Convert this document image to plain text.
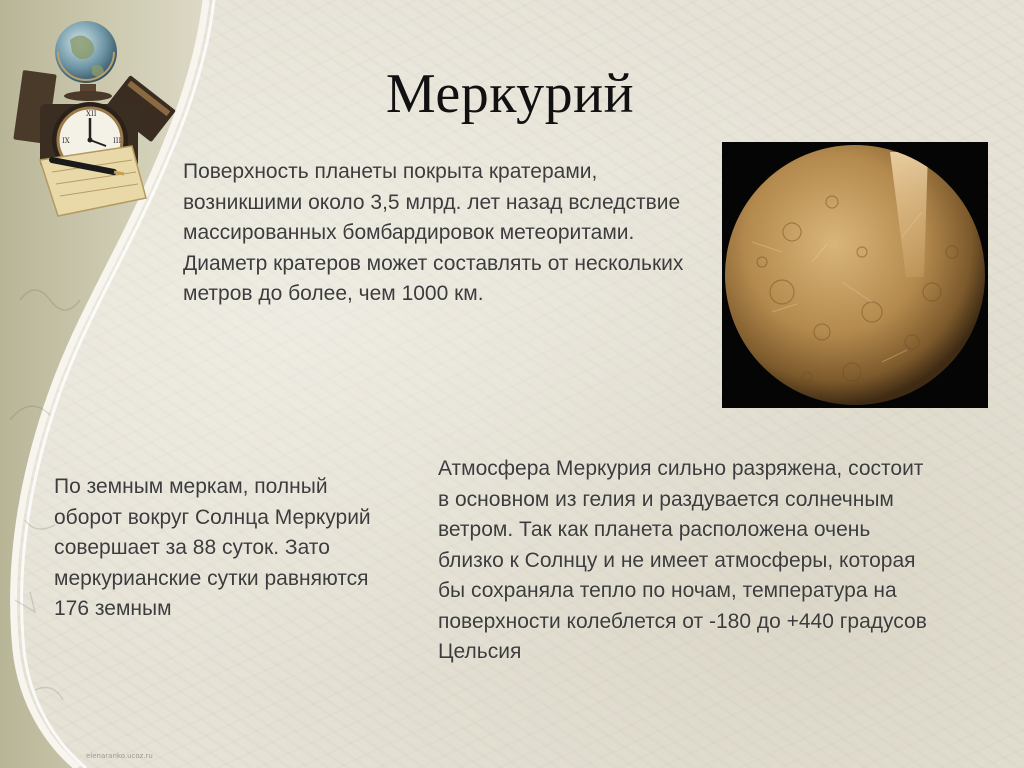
XII
III
IX
Меркурий

Поверхность планеты покрыта кратерами, возникшими около 3,5 млрд. лет назад вследствие массированных бомбардировок метеоритами. Диаметр кратеров может составлять от нескольких метров до более, чем 1000 км.

По земным меркам, полный оборот вокруг Солнца Меркурий совершает за 88 суток. Зато меркурианские сутки равняются 176 земным

Атмосфера Меркурия сильно разряжена, состоит в основном из гелия и раздувается солнечным ветром. Так как планета расположена очень близко к Солнцу и не имеет атмосферы, которая бы сохраняла тепло по ночам, температура на поверхности колеблется от -180 до +440 градусов Цельсия

elenaranko.ucoz.ru
